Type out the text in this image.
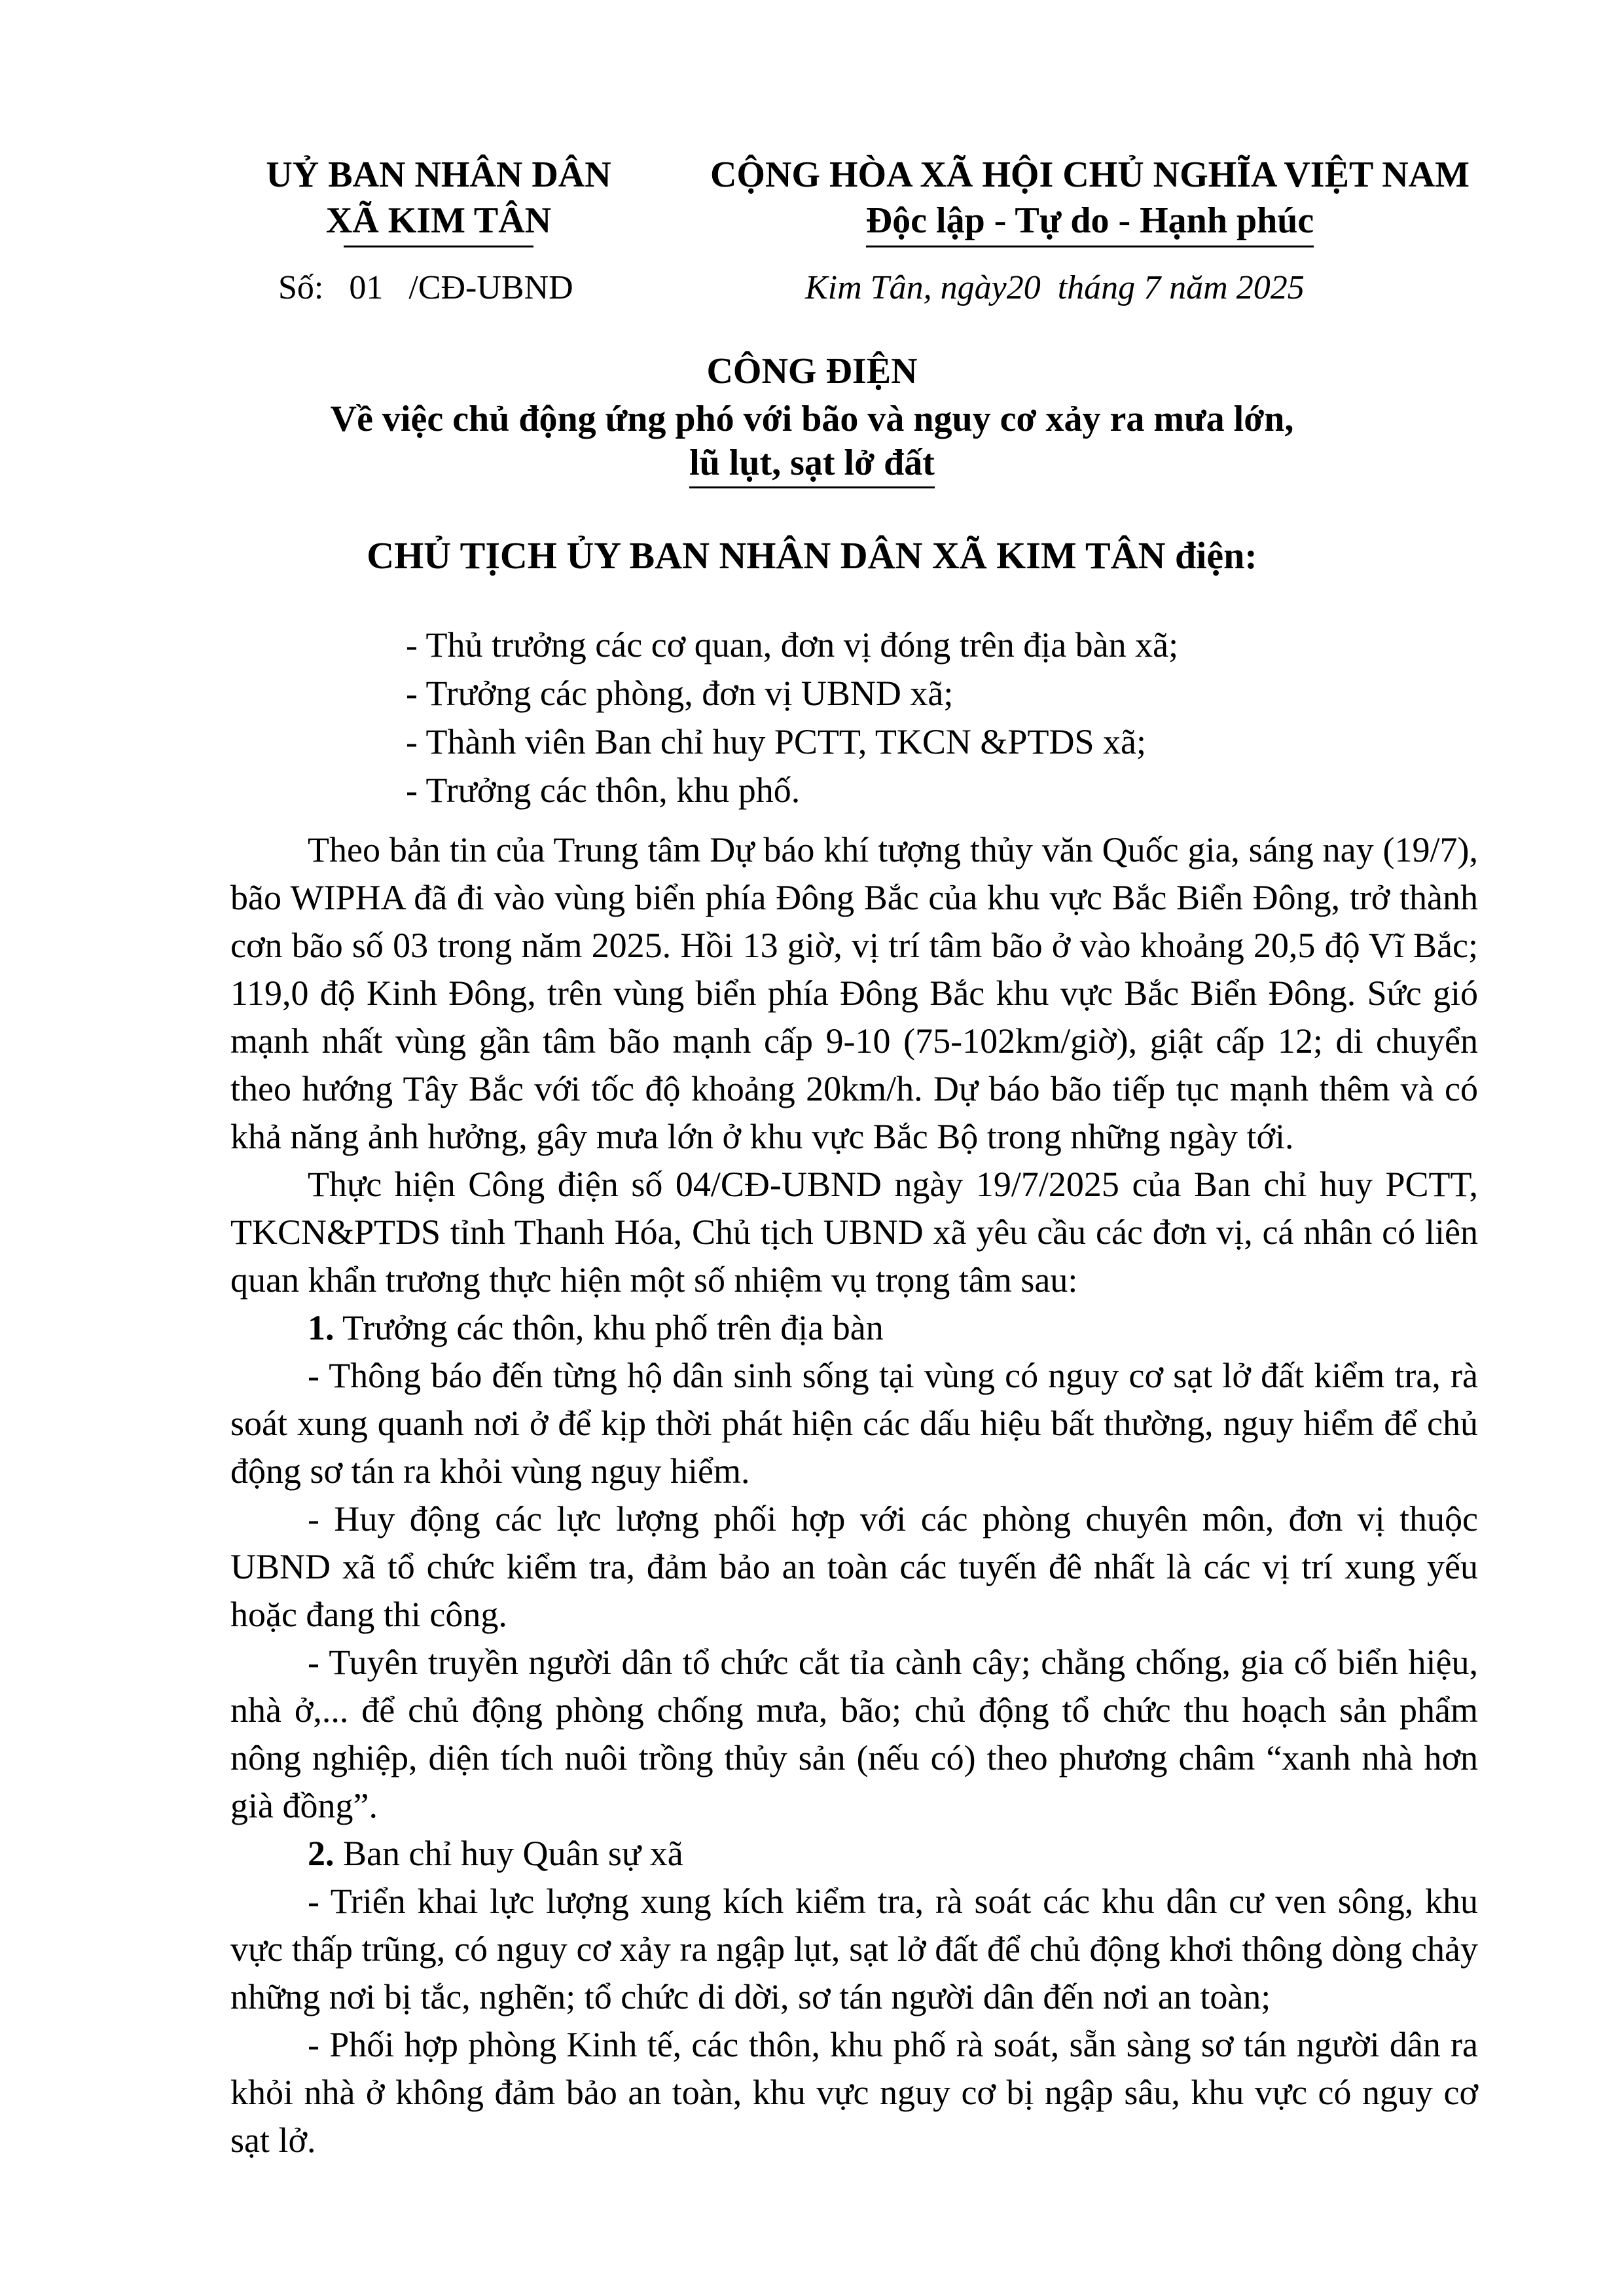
UỶ BAN NHÂN DÂN
XÃ KIM TÂN
CỘNG HÒA XÃ HỘI CHỦ NGHĨA VIỆT NAM
Độc lập - Tự do - Hạnh phúc
Số: 01 /CĐ-UBND	Kim Tân, ngày20 tháng 7 năm 2025
CÔNG ĐIỆN
Về việc chủ động ứng phó với bão và nguy cơ xảy ra mưa lớn,
lũ lụt, sạt lở đất
CHỦ TỊCH ỦY BAN NHÂN DÂN XÃ KIM TÂN điện:
- Thủ trưởng các cơ quan, đơn vị đóng trên địa bàn xã;
- Trưởng các phòng, đơn vị UBND xã;
- Thành viên Ban chỉ huy PCTT, TKCN &PTDS xã;
- Trưởng các thôn, khu phố.

Theo bản tin của Trung tâm Dự báo khí tượng thủy văn Quốc gia, sáng nay (19/7), bão WIPHA đã đi vào vùng biển phía Đông Bắc của khu vực Bắc Biển Đông, trở thành cơn bão số 03 trong năm 2025. Hồi 13 giờ, vị trí tâm bão ở vào khoảng 20,5 độ Vĩ Bắc; 119,0 độ Kinh Đông, trên vùng biển phía Đông Bắc khu vực Bắc Biển Đông. Sức gió mạnh nhất vùng gần tâm bão mạnh cấp 9-10 (75-102km/giờ), giật cấp 12; di chuyển theo hướng Tây Bắc với tốc độ khoảng 20km/h. Dự báo bão tiếp tục mạnh thêm và có khả năng ảnh hưởng, gây mưa lớn ở khu vực Bắc Bộ trong những ngày tới.

Thực hiện Công điện số 04/CĐ-UBND ngày 19/7/2025 của Ban chỉ huy PCTT, TKCN&PTDS tỉnh Thanh Hóa, Chủ tịch UBND xã yêu cầu các đơn vị, cá nhân có liên quan khẩn trương thực hiện một số nhiệm vụ trọng tâm sau:

1. Trưởng các thôn, khu phố trên địa bàn

- Thông báo đến từng hộ dân sinh sống tại vùng có nguy cơ sạt lở đất kiểm tra, rà soát xung quanh nơi ở để kịp thời phát hiện các dấu hiệu bất thường, nguy hiểm để chủ động sơ tán ra khỏi vùng nguy hiểm.

- Huy động các lực lượng phối hợp với các phòng chuyên môn, đơn vị thuộc UBND xã tổ chức kiểm tra, đảm bảo an toàn các tuyến đê nhất là các vị trí xung yếu hoặc đang thi công.

- Tuyên truyền người dân tổ chức cắt tỉa cành cây; chằng chống, gia cố biển hiệu, nhà ở,... để chủ động phòng chống mưa, bão; chủ động tổ chức thu hoạch sản phẩm nông nghiệp, diện tích nuôi trồng thủy sản (nếu có) theo phương châm “xanh nhà hơn già đồng”.

2. Ban chỉ huy Quân sự xã

- Triển khai lực lượng xung kích kiểm tra, rà soát các khu dân cư ven sông, khu vực thấp trũng, có nguy cơ xảy ra ngập lụt, sạt lở đất để chủ động khơi thông dòng chảy những nơi bị tắc, nghẽn; tổ chức di dời, sơ tán người dân đến nơi an toàn;

- Phối hợp phòng Kinh tế, các thôn, khu phố rà soát, sẵn sàng sơ tán người dân ra khỏi nhà ở không đảm bảo an toàn, khu vực nguy cơ bị ngập sâu, khu vực có nguy cơ sạt lở.
